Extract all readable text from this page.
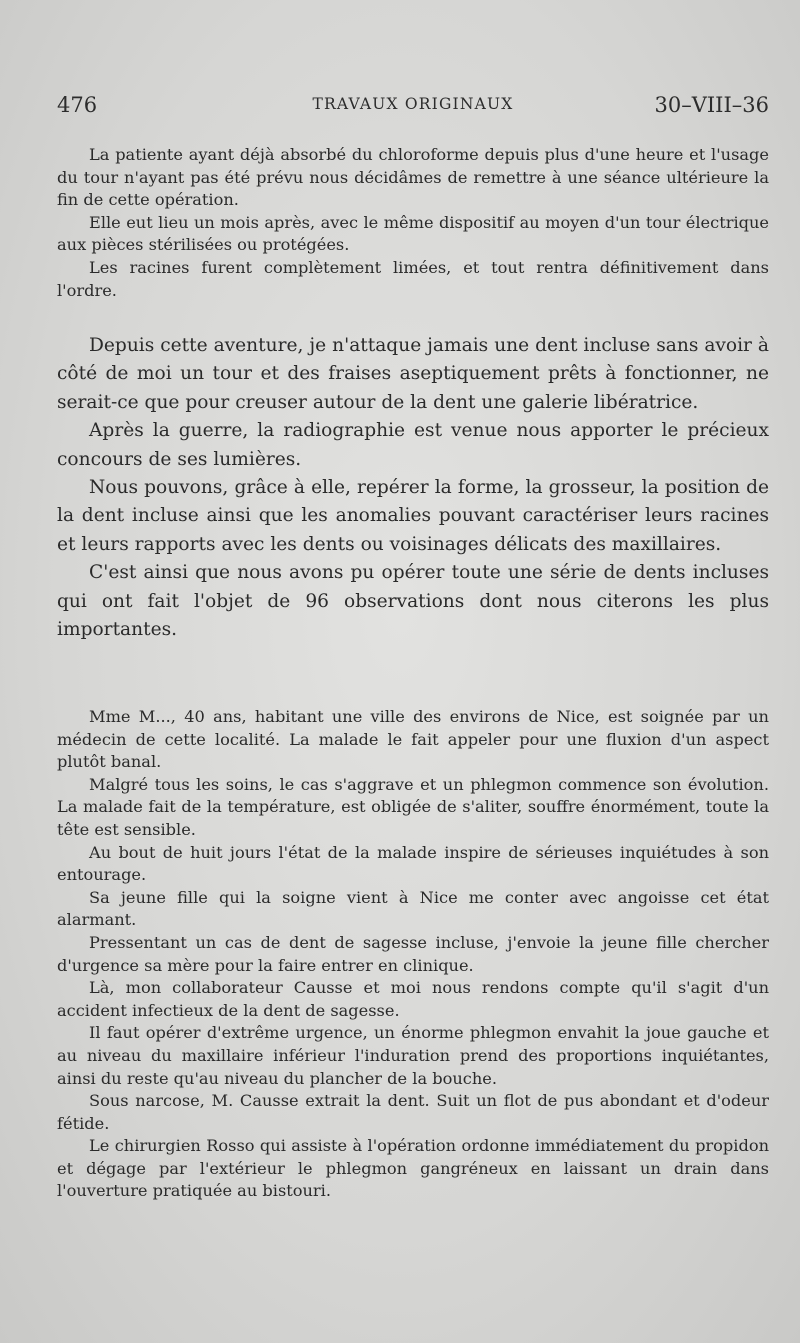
476	TRAVAUX ORIGINAUX	30–VIII–36

La patiente ayant déjà absorbé du chloroforme depuis plus d'une heure et l'usage du tour n'ayant pas été prévu nous décidâmes de remettre à une séance ultérieure la fin de cette opération.

Elle eut lieu un mois après, avec le même dispositif au moyen d'un tour électrique aux pièces stérilisées ou protégées.

Les racines furent complètement limées, et tout rentra définitivement dans l'ordre.

Depuis cette aventure, je n'attaque jamais une dent incluse sans avoir à côté de moi un tour et des fraises aseptiquement prêts à fonctionner, ne serait-ce que pour creuser autour de la dent une galerie libératrice.

Après la guerre, la radiographie est venue nous apporter le précieux concours de ses lumières.

Nous pouvons, grâce à elle, repérer la forme, la grosseur, la position de la dent incluse ainsi que les anomalies pouvant caractériser leurs racines et leurs rapports avec les dents ou voisinages délicats des maxillaires.

C'est ainsi que nous avons pu opérer toute une série de dents incluses qui ont fait l'objet de 96 observations dont nous citerons les plus importantes.

Mme M..., 40 ans, habitant une ville des environs de Nice, est soignée par un médecin de cette localité. La malade le fait appeler pour une fluxion d'un aspect plutôt banal.

Malgré tous les soins, le cas s'aggrave et un phlegmon commence son évolution. La malade fait de la température, est obligée de s'aliter, souffre énormément, toute la tête est sensible.

Au bout de huit jours l'état de la malade inspire de sérieuses inquiétudes à son entourage.

Sa jeune fille qui la soigne vient à Nice me conter avec angoisse cet état alarmant.

Pressentant un cas de dent de sagesse incluse, j'envoie la jeune fille chercher d'urgence sa mère pour la faire entrer en clinique.

Là, mon collaborateur Causse et moi nous rendons compte qu'il s'agit d'un accident infectieux de la dent de sagesse.

Il faut opérer d'extrême urgence, un énorme phlegmon envahit la joue gauche et au niveau du maxillaire inférieur l'induration prend des proportions inquiétantes, ainsi du reste qu'au niveau du plancher de la bouche.

Sous narcose, M. Causse extrait la dent. Suit un flot de pus abondant et d'odeur fétide.

Le chirurgien Rosso qui assiste à l'opération ordonne immédiatement du propidon et dégage par l'extérieur le phlegmon gangréneux en laissant un drain dans l'ouverture pratiquée au bistouri.
